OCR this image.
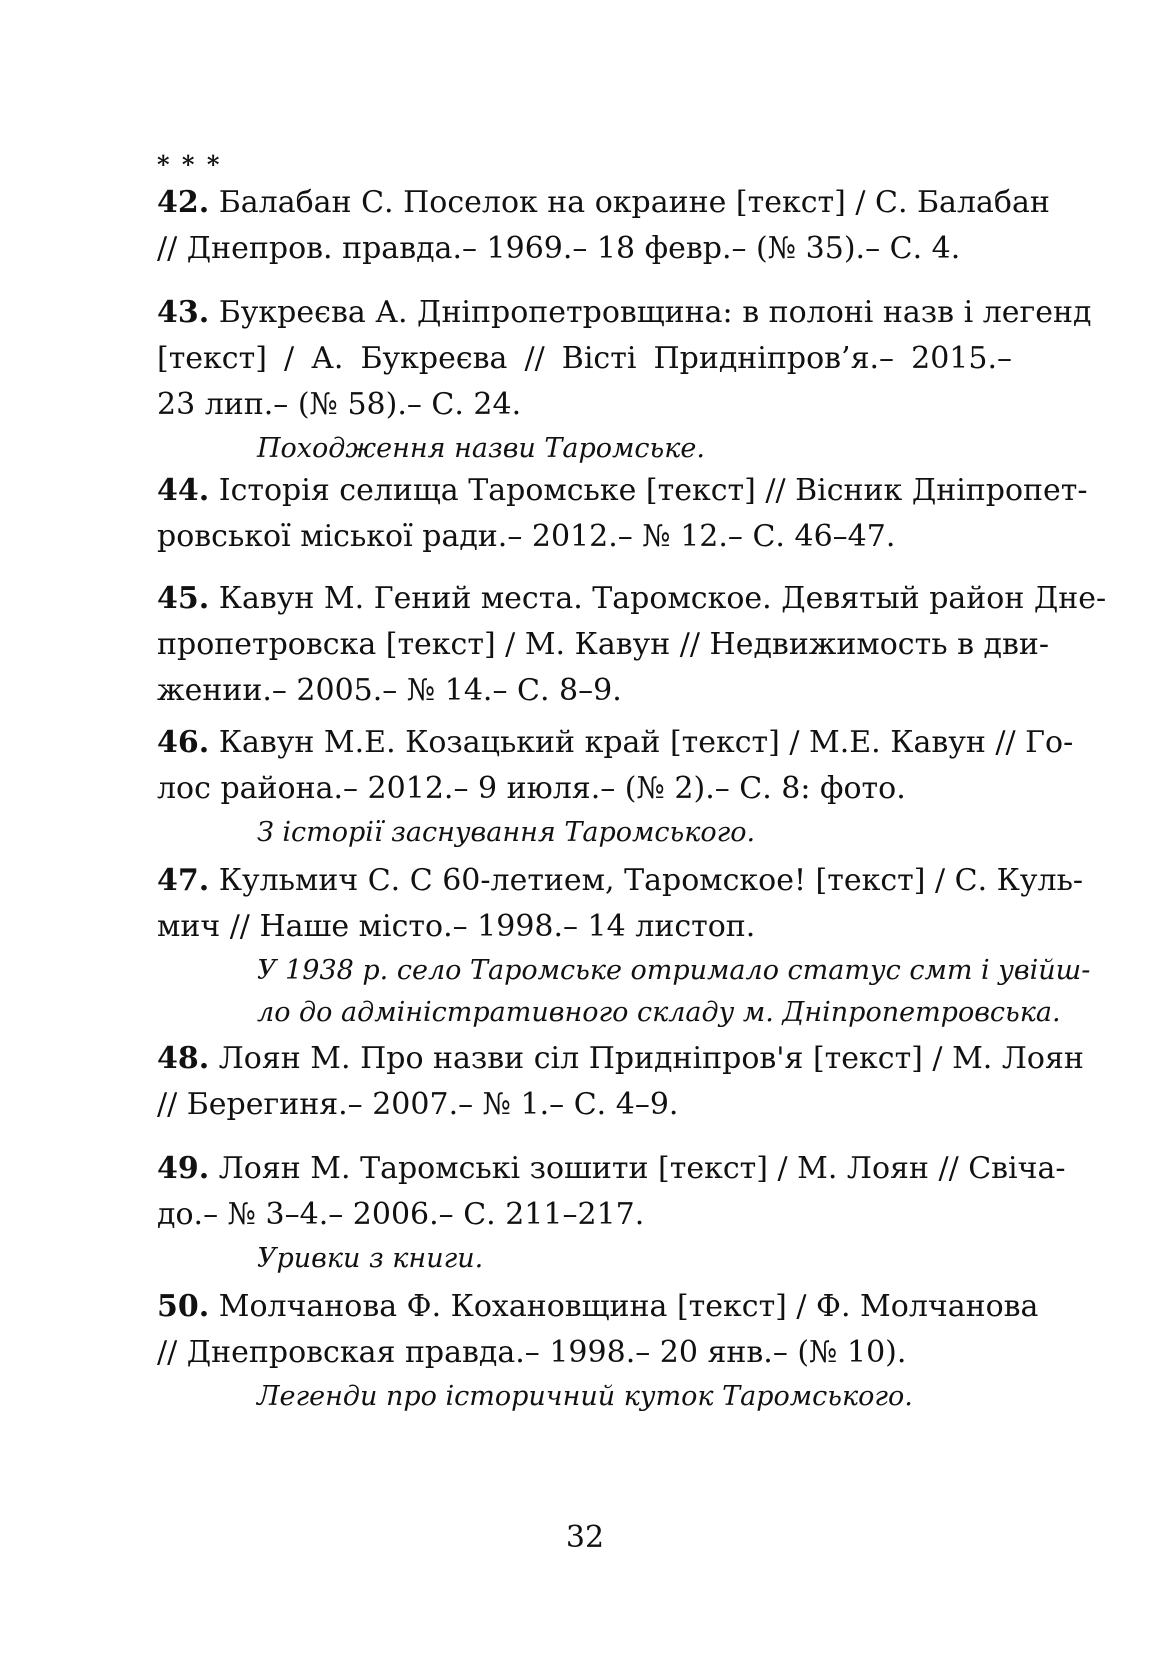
* * *
42. Балабан С. Поселок на окраине [текст] / С. Балабан
// Днепров. правда.– 1969.– 18 февр.– (№ 35).– С. 4.
43. Букреєва А. Дніпропетровщина: в полоні назв і легенд
[текст] / А. Букреєва // Вісті Придніпров’я.– 2015.–
23 лип.– (№ 58).– С. 24.
Походження назви Таромське.
44. Історія селища Таромське [текст] // Вісник Дніпропет-
ровської міської ради.– 2012.– № 12.– С. 46–47.
45. Кавун М. Гений места. Таромское. Девятый район Дне-
пропетровска [текст] / М. Кавун // Недвижимость в дви-
жении.– 2005.– № 14.– С. 8–9.
46. Кавун М.Е. Козацький край [текст] / М.Е. Кавун // Го-
лос района.– 2012.– 9 июля.– (№ 2).– С. 8: фото.
З історії заснування Таромського.
47. Кульмич С. С 60-летием, Таромское! [текст] / С. Куль-
мич // Наше місто.– 1998.– 14 листоп.
У 1938 р. село Таромське отримало статус смт і увійш-
ло до адміністративного складу м. Дніпропетровська.
48. Лоян М. Про назви сіл Придніпров'я [текст] / М. Лоян
// Берегиня.– 2007.– № 1.– С. 4–9.
49. Лоян М. Таромські зошити [текст] / М. Лоян // Свіча-
до.– № 3–4.– 2006.– С. 211–217.
Уривки з книги.
50. Молчанова Ф. Кохановщина [текст] / Ф. Молчанова
// Днепровская правда.– 1998.– 20 янв.– (№ 10).
Легенди про історичний куток Таромського.
32
